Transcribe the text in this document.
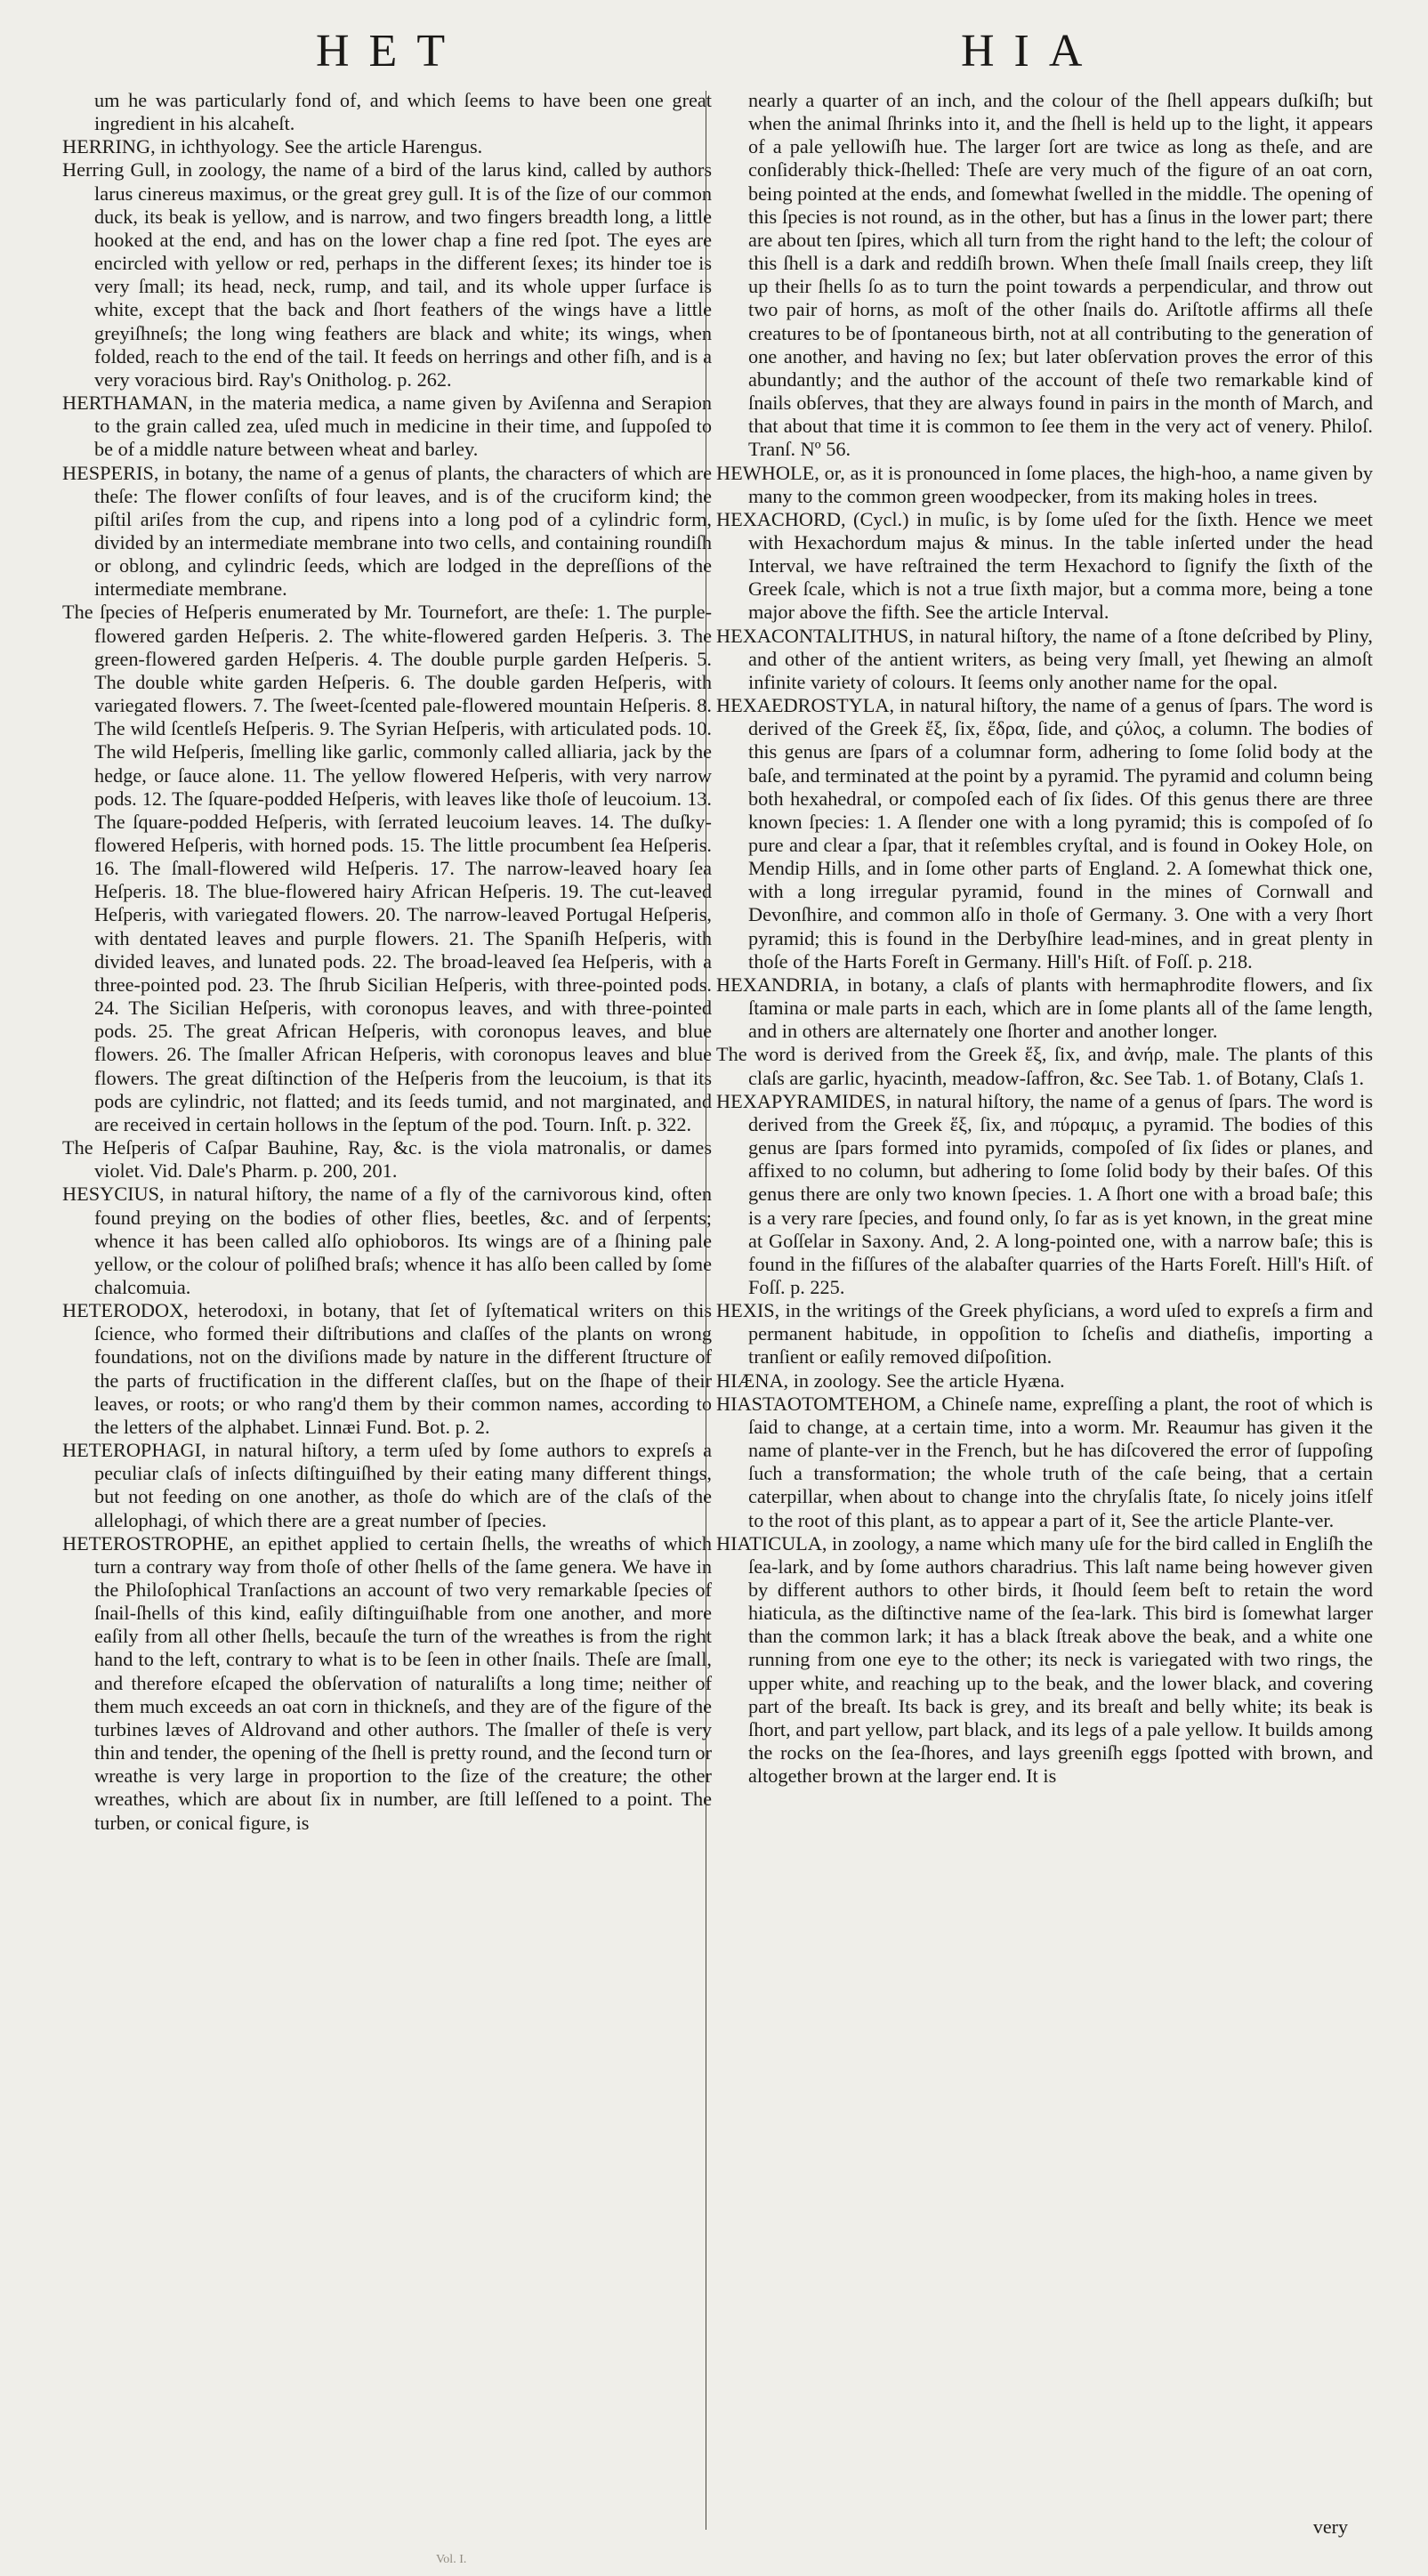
HET	HIA

um he was particularly fond of, and which ſeems to have been one great ingredient in his alcaheſt.

HERRING, in ichthyology. See the article Harengus.

Herring Gull, in zoology, the name of a bird of the larus kind, called by authors larus cinereus maximus, or the great grey gull. It is of the ſize of our common duck, its beak is yellow, and is narrow, and two fingers breadth long, a little hooked at the end, and has on the lower chap a fine red ſpot. The eyes are encircled with yellow or red, perhaps in the different ſexes; its hinder toe is very ſmall; its head, neck, rump, and tail, and its whole upper ſurface is white, except that the back and ſhort feathers of the wings have a little greyiſhneſs; the long wing feathers are black and white; its wings, when folded, reach to the end of the tail. It feeds on herrings and other fiſh, and is a very voracious bird. Ray's Onitholog. p. 262.

HERTHAMAN, in the materia medica, a name given by Aviſenna and Serapion to the grain called zea, uſed much in medicine in their time, and ſuppoſed to be of a middle nature between wheat and barley.

HESPERIS, in botany, the name of a genus of plants, the characters of which are theſe: The flower conſiſts of four leaves, and is of the cruciform kind; the piſtil ariſes from the cup, and ripens into a long pod of a cylindric form, divided by an intermediate membrane into two cells, and containing roundiſh or oblong, and cylindric ſeeds, which are lodged in the depreſſions of the intermediate membrane.

The ſpecies of Heſperis enumerated by Mr. Tournefort, are theſe: 1. The purple-flowered garden Heſperis. 2. The white-flowered garden Heſperis. 3. The green-flowered garden Heſperis. 4. The double purple garden Heſperis. 5. The double white garden Heſperis. 6. The double garden Heſperis, with variegated flowers. 7. The ſweet-ſcented pale-flowered mountain Heſperis. 8. The wild ſcentleſs Heſperis. 9. The Syrian Heſperis, with articulated pods. 10. The wild Heſperis, ſmelling like garlic, commonly called alliaria, jack by the hedge, or ſauce alone. 11. The yellow flowered Heſperis, with very narrow pods. 12. The ſquare-podded Heſperis, with leaves like thoſe of leucoium. 13. The ſquare-podded Heſperis, with ſerrated leucoium leaves. 14. The duſky-flowered Heſperis, with horned pods. 15. The little procumbent ſea Heſperis. 16. The ſmall-flowered wild Heſperis. 17. The narrow-leaved hoary ſea Heſperis. 18. The blue-flowered hairy African Heſperis. 19. The cut-leaved Heſperis, with variegated flowers. 20. The narrow-leaved Portugal Heſperis, with dentated leaves and purple flowers. 21. The Spaniſh Heſperis, with divided leaves, and lunated pods. 22. The broad-leaved ſea Heſperis, with a three-pointed pod. 23. The ſhrub Sicilian Heſperis, with three-pointed pods. 24. The Sicilian Heſperis, with coronopus leaves, and with three-pointed pods. 25. The great African Heſperis, with coronopus leaves, and blue flowers. 26. The ſmaller African Heſperis, with coronopus leaves and blue flowers. The great diſtinction of the Heſperis from the leucoium, is that its pods are cylindric, not flatted; and its ſeeds tumid, and not marginated, and are received in certain hollows in the ſeptum of the pod. Tourn. Inſt. p. 322.

The Heſperis of Caſpar Bauhine, Ray, &c. is the viola matronalis, or dames violet. Vid. Dale's Pharm. p. 200, 201.

HESYCIUS, in natural hiſtory, the name of a fly of the carnivorous kind, often found preying on the bodies of other flies, beetles, &c. and of ſerpents; whence it has been called alſo ophioboros. Its wings are of a ſhining pale yellow, or the colour of poliſhed braſs; whence it has alſo been called by ſome chalcomuia.

HETERODOX, heterodoxi, in botany, that ſet of ſyſtematical writers on this ſcience, who formed their diſtributions and claſſes of the plants on wrong foundations, not on the diviſions made by nature in the different ſtructure of the parts of fructification in the different claſſes, but on the ſhape of their leaves, or roots; or who rang'd them by their common names, according to the letters of the alphabet. Linnæi Fund. Bot. p. 2.

HETEROPHAGI, in natural hiſtory, a term uſed by ſome authors to expreſs a peculiar claſs of inſects diſtinguiſhed by their eating many different things, but not feeding on one another, as thoſe do which are of the claſs of the allelophagi, of which there are a great number of ſpecies.

HETEROSTROPHE, an epithet applied to certain ſhells, the wreaths of which turn a contrary way from thoſe of other ſhells of the ſame genera. We have in the Philoſophical Tranſactions an account of two very remarkable ſpecies of ſnail-ſhells of this kind, eaſily diſtinguiſhable from one another, and more eaſily from all other ſhells, becauſe the turn of the wreathes is from the right hand to the left, contrary to what is to be ſeen in other ſnails. Theſe are ſmall, and therefore eſcaped the obſervation of naturaliſts a long time; neither of them much exceeds an oat corn in thickneſs, and they are of the figure of the turbines læves of Aldrovand and other authors. The ſmaller of theſe is very thin and tender, the opening of the ſhell is pretty round, and the ſecond turn or wreathe is very large in proportion to the ſize of the creature; the other wreathes, which are about ſix in number, are ſtill leſſened to a point. The turben, or conical figure, is

nearly a quarter of an inch, and the colour of the ſhell appears duſkiſh; but when the animal ſhrinks into it, and the ſhell is held up to the light, it appears of a pale yellowiſh hue. The larger ſort are twice as long as theſe, and are conſiderably thick-ſhelled: Theſe are very much of the figure of an oat corn, being pointed at the ends, and ſomewhat ſwelled in the middle. The opening of this ſpecies is not round, as in the other, but has a ſinus in the lower part; there are about ten ſpires, which all turn from the right hand to the left; the colour of this ſhell is a dark and reddiſh brown. When theſe ſmall ſnails creep, they liſt up their ſhells ſo as to turn the point towards a perpendicular, and throw out two pair of horns, as moſt of the other ſnails do. Ariſtotle affirms all theſe creatures to be of ſpontaneous birth, not at all contributing to the generation of one another, and having no ſex; but later obſervation proves the error of this abundantly; and the author of the account of theſe two remarkable kind of ſnails obſerves, that they are always found in pairs in the month of March, and that about that time it is common to ſee them in the very act of venery. Philoſ. Tranſ. Nº 56.

HEWHOLE, or, as it is pronounced in ſome places, the high-hoo, a name given by many to the common green woodpecker, from its making holes in trees.

HEXACHORD, (Cycl.) in muſic, is by ſome uſed for the ſixth. Hence we meet with Hexachordum majus & minus. In the table inſerted under the head Interval, we have reſtrained the term Hexachord to ſignify the ſixth of the Greek ſcale, which is not a true ſixth major, but a comma more, being a tone major above the fifth. See the article Interval.

HEXACONTALITHUS, in natural hiſtory, the name of a ſtone deſcribed by Pliny, and other of the antient writers, as being very ſmall, yet ſhewing an almoſt infinite variety of colours. It ſeems only another name for the opal.

HEXAEDROSTYLA, in natural hiſtory, the name of a genus of ſpars. The word is derived of the Greek ἕξ, ſix, ἕδρα, ſide, and ϛύλος, a column. The bodies of this genus are ſpars of a columnar form, adhering to ſome ſolid body at the baſe, and terminated at the point by a pyramid. The pyramid and column being both hexahedral, or compoſed each of ſix ſides. Of this genus there are three known ſpecies: 1. A ſlender one with a long pyramid; this is compoſed of ſo pure and clear a ſpar, that it reſembles cryſtal, and is found in Ookey Hole, on Mendip Hills, and in ſome other parts of England. 2. A ſomewhat thick one, with a long irregular pyramid, found in the mines of Cornwall and Devonſhire, and common alſo in thoſe of Germany. 3. One with a very ſhort pyramid; this is found in the Derbyſhire lead-mines, and in great plenty in thoſe of the Harts Foreſt in Germany. Hill's Hiſt. of Foſſ. p. 218.

HEXANDRIA, in botany, a claſs of plants with hermaphrodite flowers, and ſix ſtamina or male parts in each, which are in ſome plants all of the ſame length, and in others are alternately one ſhorter and another longer.

The word is derived from the Greek ἕξ, ſix, and ἀνήρ, male. The plants of this claſs are garlic, hyacinth, meadow-ſaffron, &c. See Tab. 1. of Botany, Claſs 1.

HEXAPYRAMIDES, in natural hiſtory, the name of a genus of ſpars. The word is derived from the Greek ἕξ, ſix, and πύραμις, a pyramid. The bodies of this genus are ſpars formed into pyramids, compoſed of ſix ſides or planes, and affixed to no column, but adhering to ſome ſolid body by their baſes. Of this genus there are only two known ſpecies. 1. A ſhort one with a broad baſe; this is a very rare ſpecies, and found only, ſo far as is yet known, in the great mine at Goſſelar in Saxony. And, 2. A long-pointed one, with a narrow baſe; this is found in the fiſſures of the alabaſter quarries of the Harts Foreſt. Hill's Hiſt. of Foſſ. p. 225.

HEXIS, in the writings of the Greek phyſicians, a word uſed to expreſs a firm and permanent habitude, in oppoſition to ſcheſis and diatheſis, importing a tranſient or eaſily removed diſpoſition.

HIÆNA, in zoology. See the article Hyæna.

HIASTAOTOMTEHOM, a Chineſe name, expreſſing a plant, the root of which is ſaid to change, at a certain time, into a worm. Mr. Reaumur has given it the name of plante-ver in the French, but he has diſcovered the error of ſuppoſing ſuch a transformation; the whole truth of the caſe being, that a certain caterpillar, when about to change into the chryſalis ſtate, ſo nicely joins itſelf to the root of this plant, as to appear a part of it, See the article Plante-ver.

HIATICULA, in zoology, a name which many uſe for the bird called in Engliſh the ſea-lark, and by ſome authors charadrius. This laſt name being however given by different authors to other birds, it ſhould ſeem beſt to retain the word hiaticula, as the diſtinctive name of the ſea-lark. This bird is ſomewhat larger than the common lark; it has a black ſtreak above the beak, and a white one running from one eye to the other; its neck is variegated with two rings, the upper white, and reaching up to the beak, and the lower black, and covering part of the breaſt. Its back is grey, and its breaſt and belly white; its beak is ſhort, and part yellow, part black, and its legs of a pale yellow. It builds among the rocks on the ſea-ſhores, and lays greeniſh eggs ſpotted with brown, and altogether brown at the larger end. It is

very
Vol. I.
